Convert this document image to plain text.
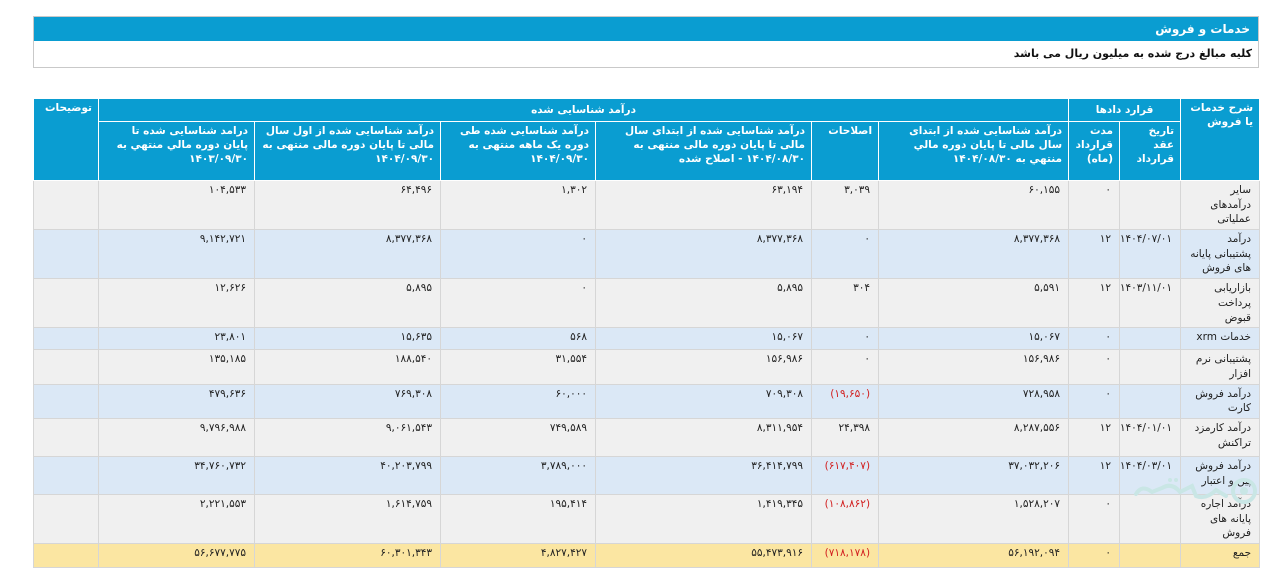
خدمات و فروش
کلیه مبالغ درج شده به میلیون ریال می باشد
شرح خدمات یا فروش	قرارد دادها		درآمد شناسایی شده						توضیحات
	تاریخ عقد قرارداد	مدت قرارداد (ماه)	درآمد شناسایی شده از ابتدای سال مالی تا پایان دوره مالي منتهي به ۱۴۰۴/۰۸/۳۰	اصلاحات	درآمد شناسایی شده از ابتدای سال مالی تا پایان دوره مالی منتهی به ۱۴۰۴/۰۸/۳۰ - اصلاح شده	درآمد شناسایی شده طی دوره یک ماهه منتهی به ۱۴۰۴/۰۹/۳۰	درآمد شناسایی شده از اول سال مالی تا پایان دوره مالی منتهی به ۱۴۰۴/۰۹/۳۰	درامد شناسایی شده تا پایان دوره مالي منتهي به ۱۴۰۳/۰۹/۳۰	
سایر درآمدهای عملیاتی		۰	۶۰,۱۵۵	۳,۰۳۹	۶۳,۱۹۴	۱,۳۰۲	۶۴,۴۹۶	۱۰۴,۵۳۳	
درآمد پشتیبانی پایانه های فروش	۱۴۰۴/۰۷/۰۱	۱۲	۸,۳۷۷,۳۶۸	۰	۸,۳۷۷,۳۶۸	۰	۸,۳۷۷,۳۶۸	۹,۱۴۲,۷۲۱	
بازاریابی پرداخت قبوض	۱۴۰۳/۱۱/۰۱	۱۲	۵,۵۹۱	۳۰۴	۵,۸۹۵	۰	۵,۸۹۵	۱۲,۶۲۶	
خدمات xrm		۰	۱۵,۰۶۷	۰	۱۵,۰۶۷	۵۶۸	۱۵,۶۳۵	۲۳,۸۰۱	
پشتیبانی نرم افزار		۰	۱۵۶,۹۸۶	۰	۱۵۶,۹۸۶	۳۱,۵۵۴	۱۸۸,۵۴۰	۱۳۵,۱۸۵	
درآمد فروش کارت		۰	۷۲۸,۹۵۸	(۱۹,۶۵۰)	۷۰۹,۳۰۸	۶۰,۰۰۰	۷۶۹,۳۰۸	۴۷۹,۶۳۶	
درآمد کارمزد تراکنش	۱۴۰۴/۰۱/۰۱	۱۲	۸,۲۸۷,۵۵۶	۲۴,۳۹۸	۸,۳۱۱,۹۵۴	۷۴۹,۵۸۹	۹,۰۶۱,۵۴۳	۹,۷۹۶,۹۸۸	
درآمد فروش پین و اعتبار	۱۴۰۴/۰۳/۰۱	۱۲	۳۷,۰۳۲,۲۰۶	(۶۱۷,۴۰۷)	۳۶,۴۱۴,۷۹۹	۳,۷۸۹,۰۰۰	۴۰,۲۰۳,۷۹۹	۳۴,۷۶۰,۷۳۲	
درآمد اجاره پایانه های فروش		۰	۱,۵۲۸,۲۰۷	(۱۰۸,۸۶۲)	۱,۴۱۹,۳۴۵	۱۹۵,۴۱۴	۱,۶۱۴,۷۵۹	۲,۲۲۱,۵۵۳	
جمع		۰	۵۶,۱۹۲,۰۹۴	(۷۱۸,۱۷۸)	۵۵,۴۷۳,۹۱۶	۴,۸۲۷,۴۲۷	۶۰,۳۰۱,۳۴۳	۵۶,۶۷۷,۷۷۵	
